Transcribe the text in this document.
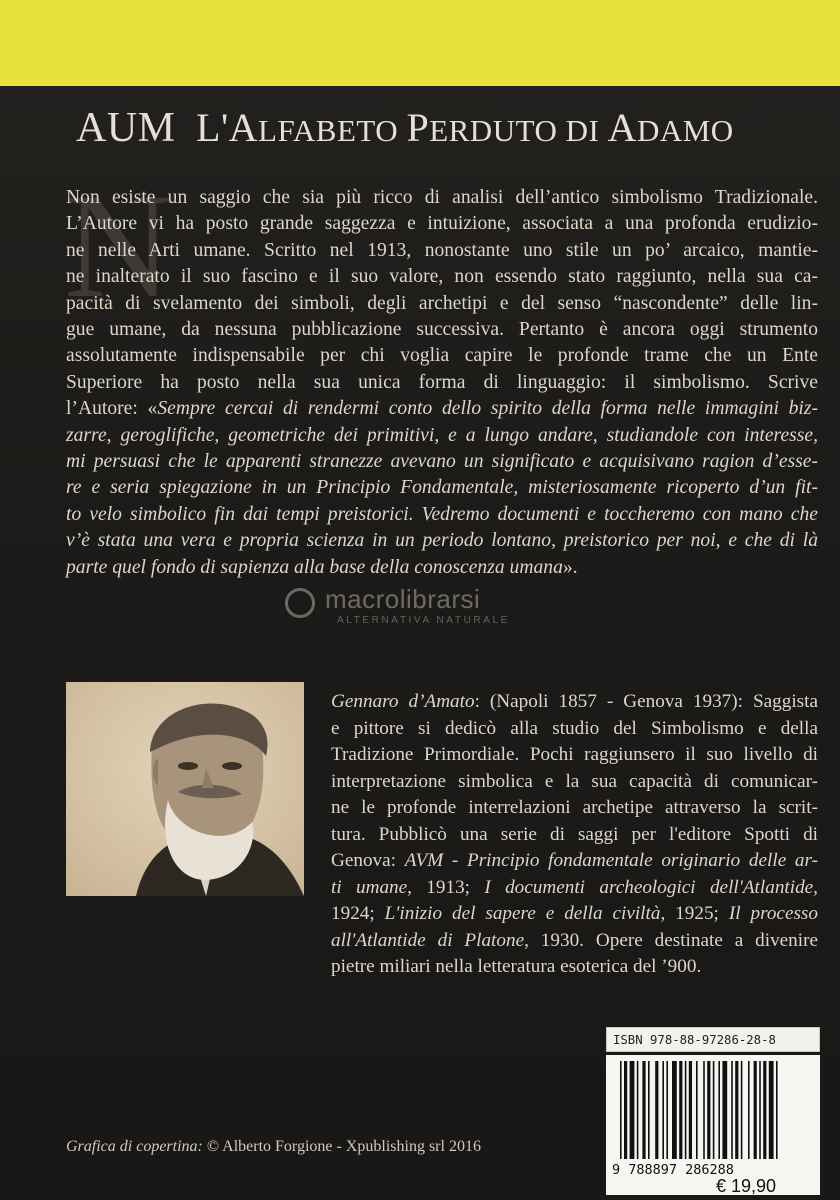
AUM L'ALFABETO PERDUTO DI ADAMO
N
Non esiste un saggio che sia più ricco di analisi dell’antico simbolismo Tradizionale.
L’Autore vi ha posto grande saggezza e intuizione, associata a una profonda erudizio-
ne nelle Arti umane. Scritto nel 1913, nonostante uno stile un po’ arcaico, mantie-
ne inalterato il suo fascino e il suo valore, non essendo stato raggiunto, nella sua ca-
pacità di svelamento dei simboli, degli archetipi e del senso “nascondente” delle lin-
gue umane, da nessuna pubblicazione successiva. Pertanto è ancora oggi strumento
assolutamente indispensabile per chi voglia capire le profonde trame che un Ente
Superiore ha posto nella sua unica forma di linguaggio: il simbolismo. Scrive
l’Autore: «Sempre cercai di rendermi conto dello spirito della forma nelle immagini biz-
zarre, geroglifiche, geometriche dei primitivi, e a lungo andare, studiandole con interesse,
mi persuasi che le apparenti stranezze avevano un significato e acquisivano ragion d’esse-
re e seria spiegazione in un Principio Fondamentale, misteriosamente ricoperto d’un fit-
to velo simbolico fin dai tempi preistorici. Vedremo documenti e toccheremo con mano che
v’è stata una vera e propria scienza in un periodo lontano, preistorico per noi, e che di là
parte quel fondo di sapienza alla base della conoscenza umana».
macrolibrarsi
ALTERNATIVA NATURALE
Gennaro d’Amato: (Napoli 1857 - Genova 1937): Saggista
e pittore si dedicò alla studio del Simbolismo e della
Tradizione Primordiale. Pochi raggiunsero il suo livello di
interpretazione simbolica e la sua capacità di comunicar-
ne le profonde interrelazioni archetipe attraverso la scrit-
tura. Pubblicò una serie di saggi per l'editore Spotti di
Genova: AVM - Principio fondamentale originario delle ar-
ti umane, 1913; I documenti archeologici dell'Atlantide,
1924; L'inizio del sapere e della civiltà, 1925; Il processo
all'Atlantide di Platone, 1930. Opere destinate a divenire
pietre miliari nella letteratura esoterica del ’900.
ISBN 978-88-97286-28-8
9 788897 286288
€ 19,90
Grafica di copertina: © Alberto Forgione - Xpublishing srl 2016
